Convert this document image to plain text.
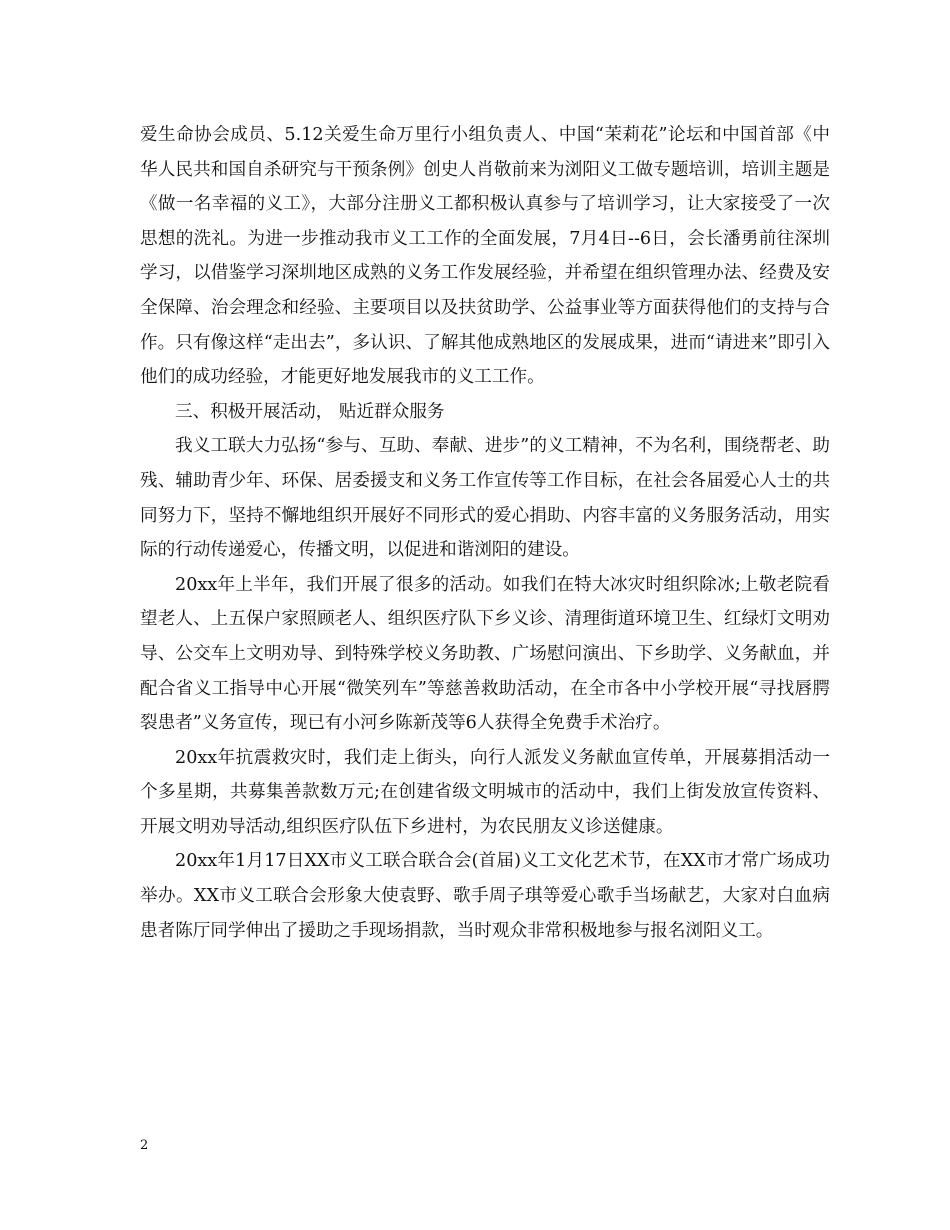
爱生命协会成员、5.12关爱生命万里行小组负责人、中国“茉莉花”论坛和中国首部《中华人民共和国自杀研究与干预条例》创史人肖敬前来为浏阳义工做专题培训，培训主题是《做一名幸福的义工》，大部分注册义工都积极认真参与了培训学习，让大家接受了一次思想的洗礼。为进一步推动我市义工工作的全面发展，7月4日--6日，会长潘勇前往深圳学习，以借鉴学习深圳地区成熟的义务工作发展经验，并希望在组织管理办法、经费及安全保障、治会理念和经验、主要项目以及扶贫助学、公益事业等方面获得他们的支持与合作。只有像这样“走出去”，多认识、了解其他成熟地区的发展成果，进而“请进来”即引入他们的成功经验，才能更好地发展我市的义工工作。

三、积极开展活动， 贴近群众服务

我义工联大力弘扬“参与、互助、奉献、进步”的义工精神，不为名利，围绕帮老、助残、辅助青少年、环保、居委援支和义务工作宣传等工作目标，在社会各届爱心人士的共同努力下，坚持不懈地组织开展好不同形式的爱心捐助、内容丰富的义务服务活动，用实际的行动传递爱心，传播文明，以促进和谐浏阳的建设。

20xx年上半年，我们开展了很多的活动。如我们在特大冰灾时组织除冰;上敬老院看望老人、上五保户家照顾老人、组织医疗队下乡义诊、清理街道环境卫生、红绿灯文明劝导、公交车上文明劝导、到特殊学校义务助教、广场慰问演出、下乡助学、义务献血，并配合省义工指导中心开展“微笑列车”等慈善救助活动，在全市各中小学校开展“寻找唇腭裂患者”义务宣传，现已有小河乡陈新茂等6人获得全免费手术治疗。

20xx年抗震救灾时，我们走上街头，向行人派发义务献血宣传单，开展募捐活动一个多星期，共募集善款数万元;在创建省级文明城市的活动中，我们上街发放宣传资料、开展文明劝导活动,组织医疗队伍下乡进村，为农民朋友义诊送健康。

20xx年1月17日XX市义工联合联合会(首届)义工文化艺术节，在XX市才常广场成功举办。XX市义工联合会形象大使袁野、歌手周子琪等爱心歌手当场献艺，大家对白血病患者陈厅同学伸出了援助之手现场捐款，当时观众非常积极地参与报名浏阳义工。

2
